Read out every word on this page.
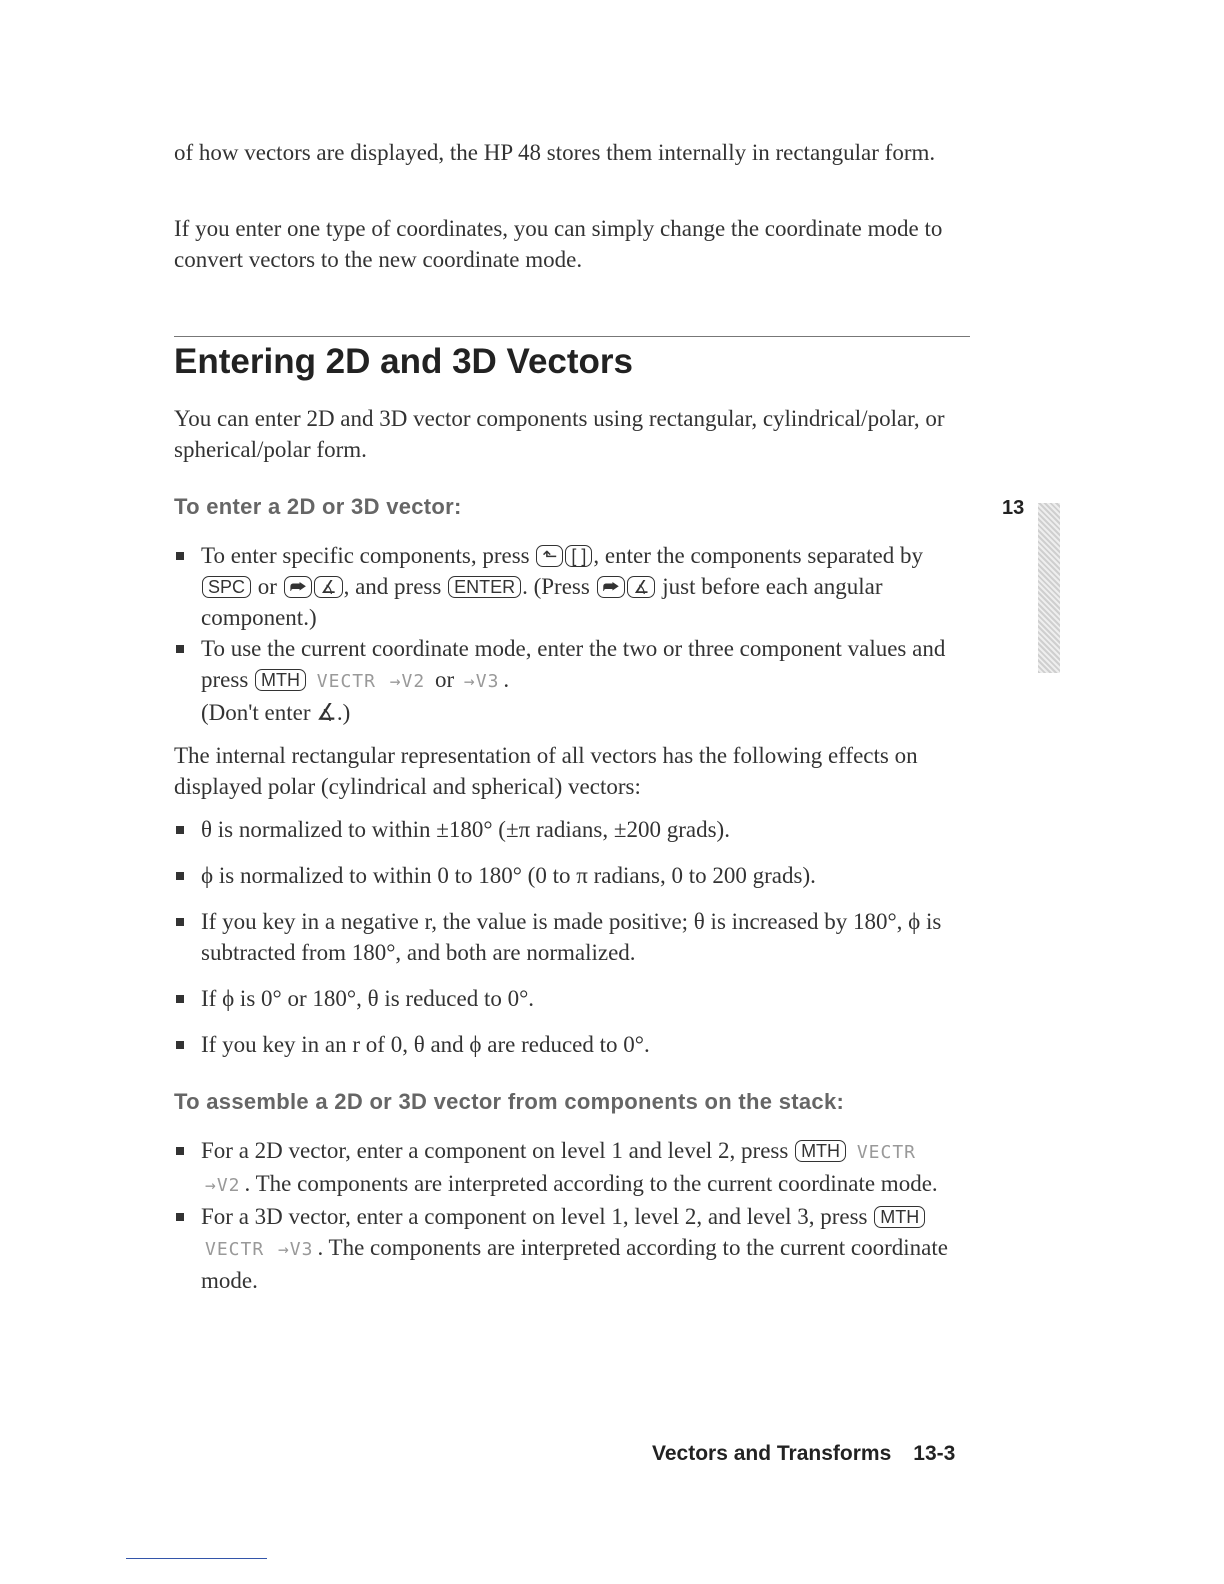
of how vectors are displayed, the HP 48 stores them internally in rectangular form.

If you enter one type of coordinates, you can simply change the coordinate mode to convert vectors to the new coordinate mode.

Entering 2D and 3D Vectors

You can enter 2D and 3D vector components using rectangular, cylindrical/polar, or spherical/polar form.

To enter a 2D or 3D vector:	13
To enter specific components, press ⬑ [ ] , enter the components separated by SPC or ⮫ ∡ , and press ENTER . (Press ⮫ ∡ just before each angular component.)
To use the current coordinate mode, enter the two or three component values and press MTH VECTR →V2 or →V3 .
(Don't enter ∡.)

The internal rectangular representation of all vectors has the following effects on displayed polar (cylindrical and spherical) vectors:

θ is normalized to within ±180° (±π radians, ±200 grads).
ϕ is normalized to within 0 to 180° (0 to π radians, 0 to 200 grads).
If you key in a negative r, the value is made positive; θ is increased by 180°, ϕ is subtracted from 180°, and both are normalized.
If ϕ is 0° or 180°, θ is reduced to 0°.
If you key in an r of 0, θ and ϕ are reduced to 0°.
To assemble a 2D or 3D vector from components on the stack:
For a 2D vector, enter a component on level 1 and level 2, press MTH VECTR →V2 . The components are interpreted according to the current coordinate mode.
For a 3D vector, enter a component on level 1, level 2, and level 3, press MTH VECTR →V3 . The components are interpreted according to the current coordinate mode.
Vectors and Transforms 13-3
